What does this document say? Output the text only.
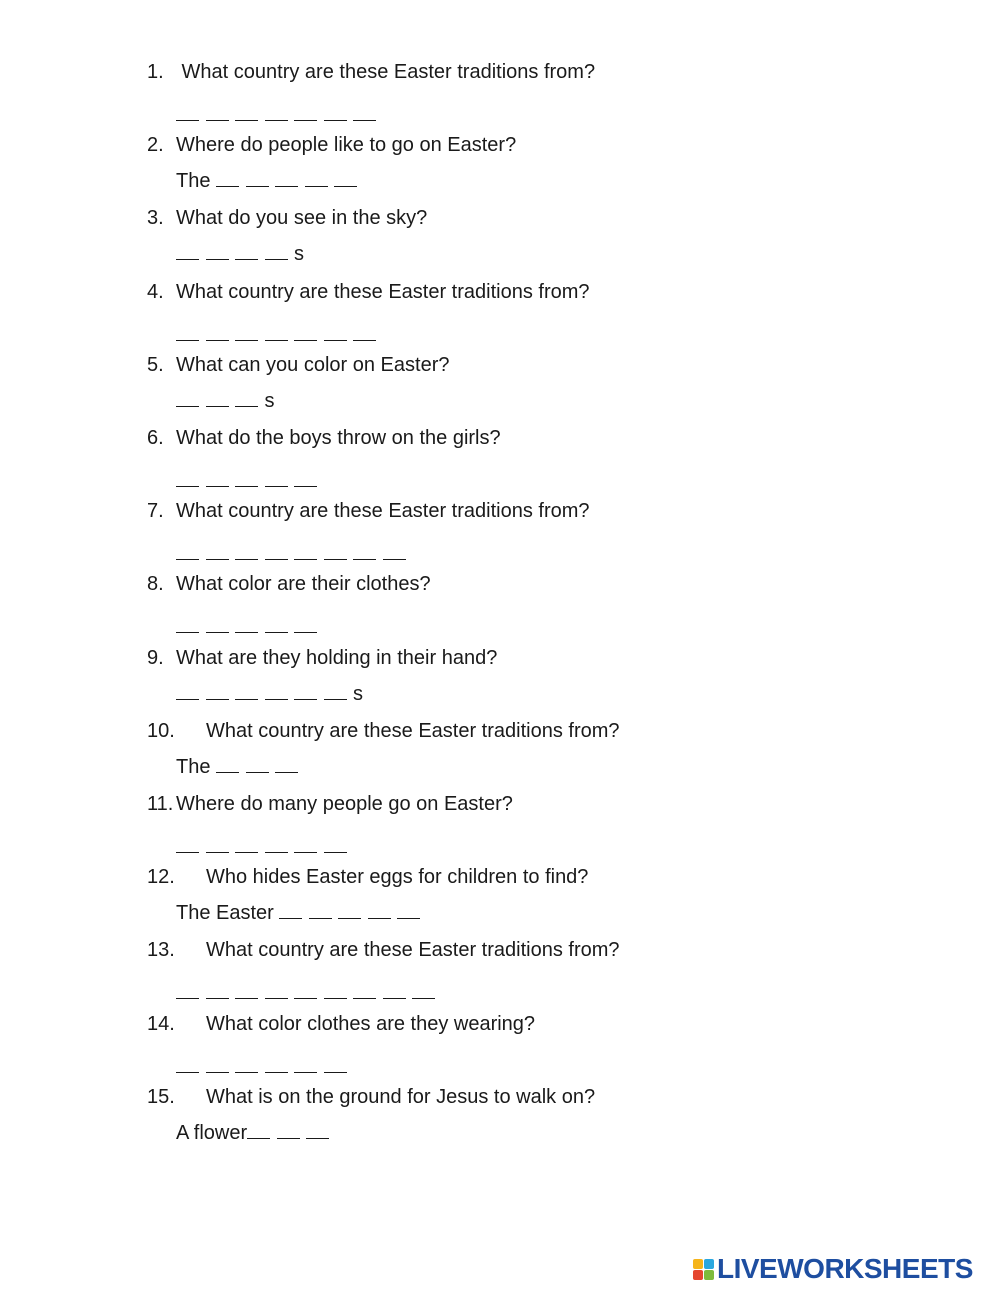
1. What country are these Easter traditions from?
2. Where do people like to go on Easter?
The
3. What do you see in the sky?
s
4. What country are these Easter traditions from?
5. What can you color on Easter?
s
6. What do the boys throw on the girls?
7. What country are these Easter traditions from?
8. What color are their clothes?
9. What are they holding in their hand?
s
10. What country are these Easter traditions from?
The
11. Where do many people go on Easter?
12. Who hides Easter eggs for children to find?
The Easter
13. What country are these Easter traditions from?
14. What color clothes are they wearing?
15. What is on the ground for Jesus to walk on?
A flower
LIVEWORKSHEETS
